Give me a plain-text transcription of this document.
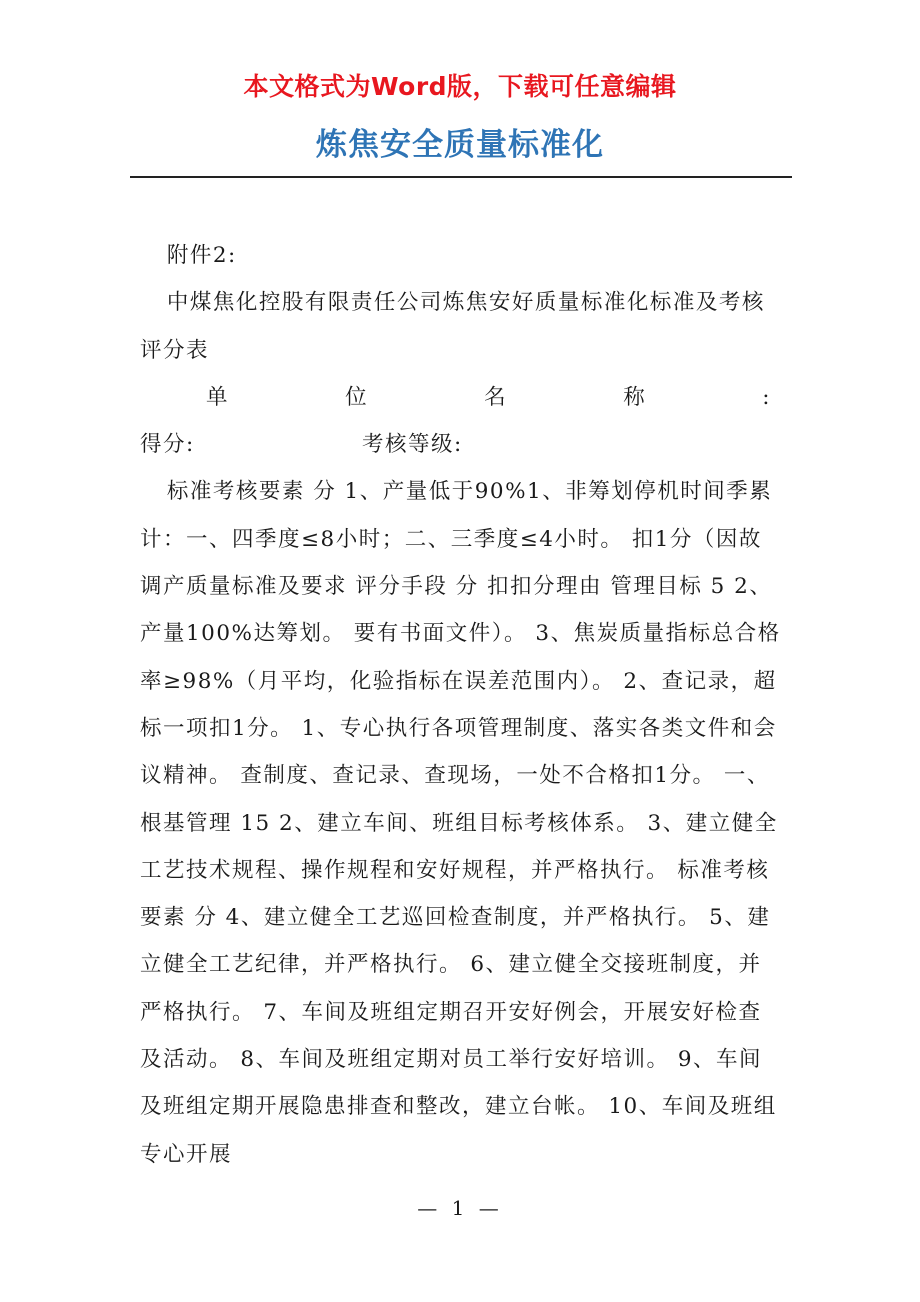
本文格式为Word版，下载可任意编辑
炼焦安全质量标准化

附件2:

中煤焦化控股有限责任公司炼焦安好质量标准化标准及考核评分表

单	位	名	称	:

得分:	考核等级:

标准考核要素 分 1、产量低于90%1、非筹划停机时间季累计：一、四季度≤8小时；二、三季度≤4小时。 扣1分（因故调产质量标准及要求 评分手段 分 扣扣分理由 管理目标 5 2、产量100%达筹划。 要有书面文件）。 3、焦炭质量指标总合格率≥98%（月平均，化验指标在误差范围内）。 2、查记录，超标一项扣1分。 1、专心执行各项管理制度、落实各类文件和会议精神。 查制度、查记录、查现场，一处不合格扣1分。 一、根基管理 15 2、建立车间、班组目标考核体系。 3、建立健全工艺技术规程、操作规程和安好规程，并严格执行。 标准考核要素 分 4、建立健全工艺巡回检查制度，并严格执行。 5、建立健全工艺纪律，并严格执行。 6、建立健全交接班制度，并严格执行。 7、车间及班组定期召开安好例会，开展安好检查及活动。 8、车间及班组定期对员工举行安好培训。 9、车间及班组定期开展隐患排查和整改，建立台帐。 10、车间及班组专心开展

— 1 —
